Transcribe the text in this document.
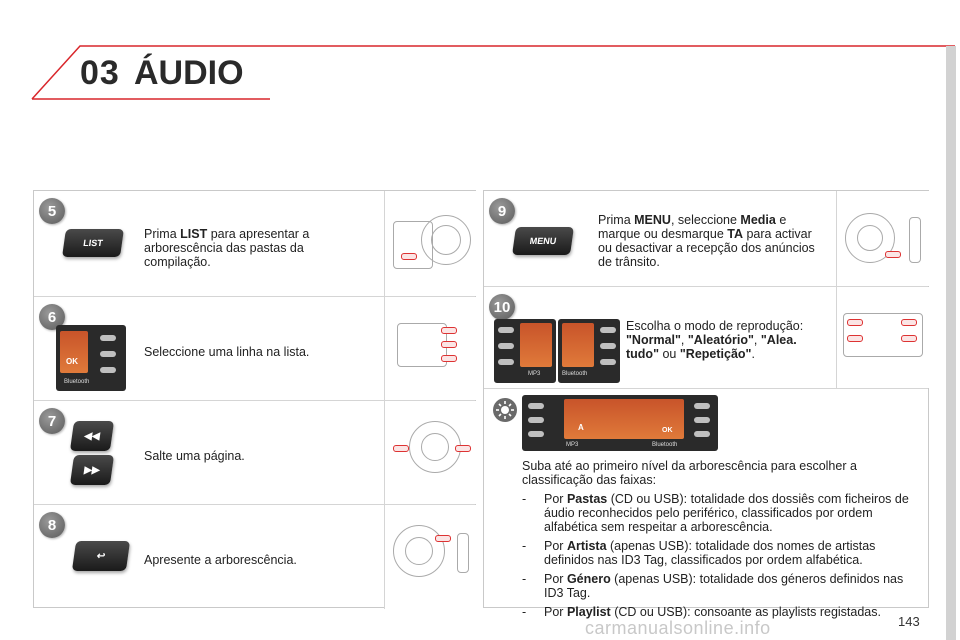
03 ÁUDIO
5
LIST
Prima LIST para apresentar a arborescência das pastas da compilação.
6
OK
Bluetooth
Seleccione uma linha na lista.
7
◀◀
▶▶
Salte uma página.
8
↩	Apresente a arborescência.
9
MENU
Prima MENU, seleccione Media e marque ou desmarque TA para activar ou desactivar a recepção dos anúncios de trânsito.
10
MP3	Bluetooth
Escolha o modo de reprodução: "Normal", "Aleatório", "Alea. tudo" ou "Repetição".
A	OK
MP3	Bluetooth
Suba até ao primeiro nível da arborescência para escolher a classificação das faixas:
- Por Pastas (CD ou USB): totalidade dos dossiês com ficheiros de áudio reconhecidos pelo periférico, classificados por ordem alfabética sem respeitar a arborescência.
- Por Artista (apenas USB): totalidade dos nomes de artistas definidos nas ID3 Tag, classificados por ordem alfabética.
- Por Género (apenas USB): totalidade dos géneros definidos nas ID3 Tag.
- Por Playlist (CD ou USB): consoante as playlists registadas.
carmanualsonline.info	143
